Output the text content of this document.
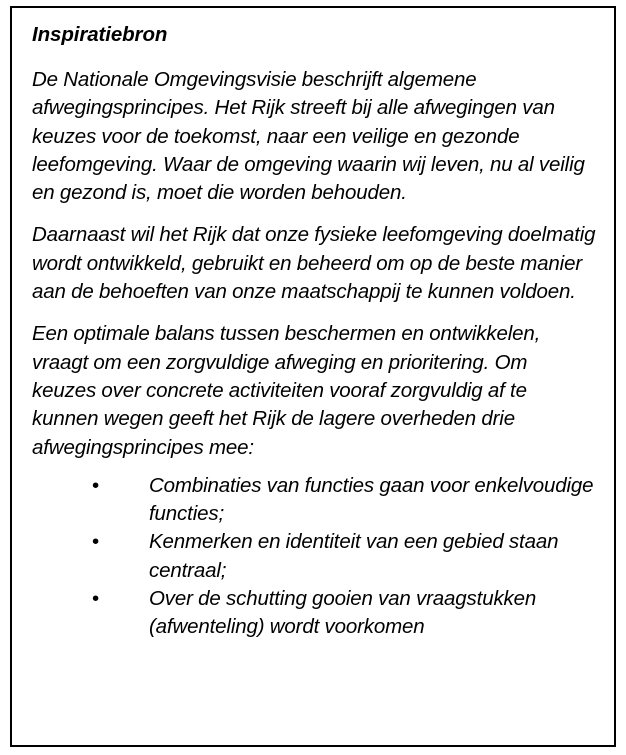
Inspiratiebron

De Nationale Omgevingsvisie beschrijft algemene afwegingsprincipes. Het Rijk streeft bij alle afwegingen van keuzes voor de toekomst, naar een veilige en gezonde leefomgeving. Waar de omgeving waarin wij leven, nu al veilig en gezond is, moet die worden behouden.

Daarnaast wil het Rijk dat onze fysieke leefomgeving doelmatig wordt ontwikkeld, gebruikt en beheerd om op de beste manier aan de behoeften van onze maatschappij te kunnen voldoen.

Een optimale balans tussen beschermen en ontwikkelen, vraagt om een zorgvuldige afweging en prioritering. Om keuzes over concrete activiteiten vooraf zorgvuldig af te kunnen wegen geeft het Rijk de lagere overheden drie afwegingsprincipes mee:

•	Combinaties van functies gaan voor enkelvoudige functies;
•	Kenmerken en identiteit van een gebied staan centraal;
•	Over de schutting gooien van vraagstukken (afwenteling) wordt voorkomen
